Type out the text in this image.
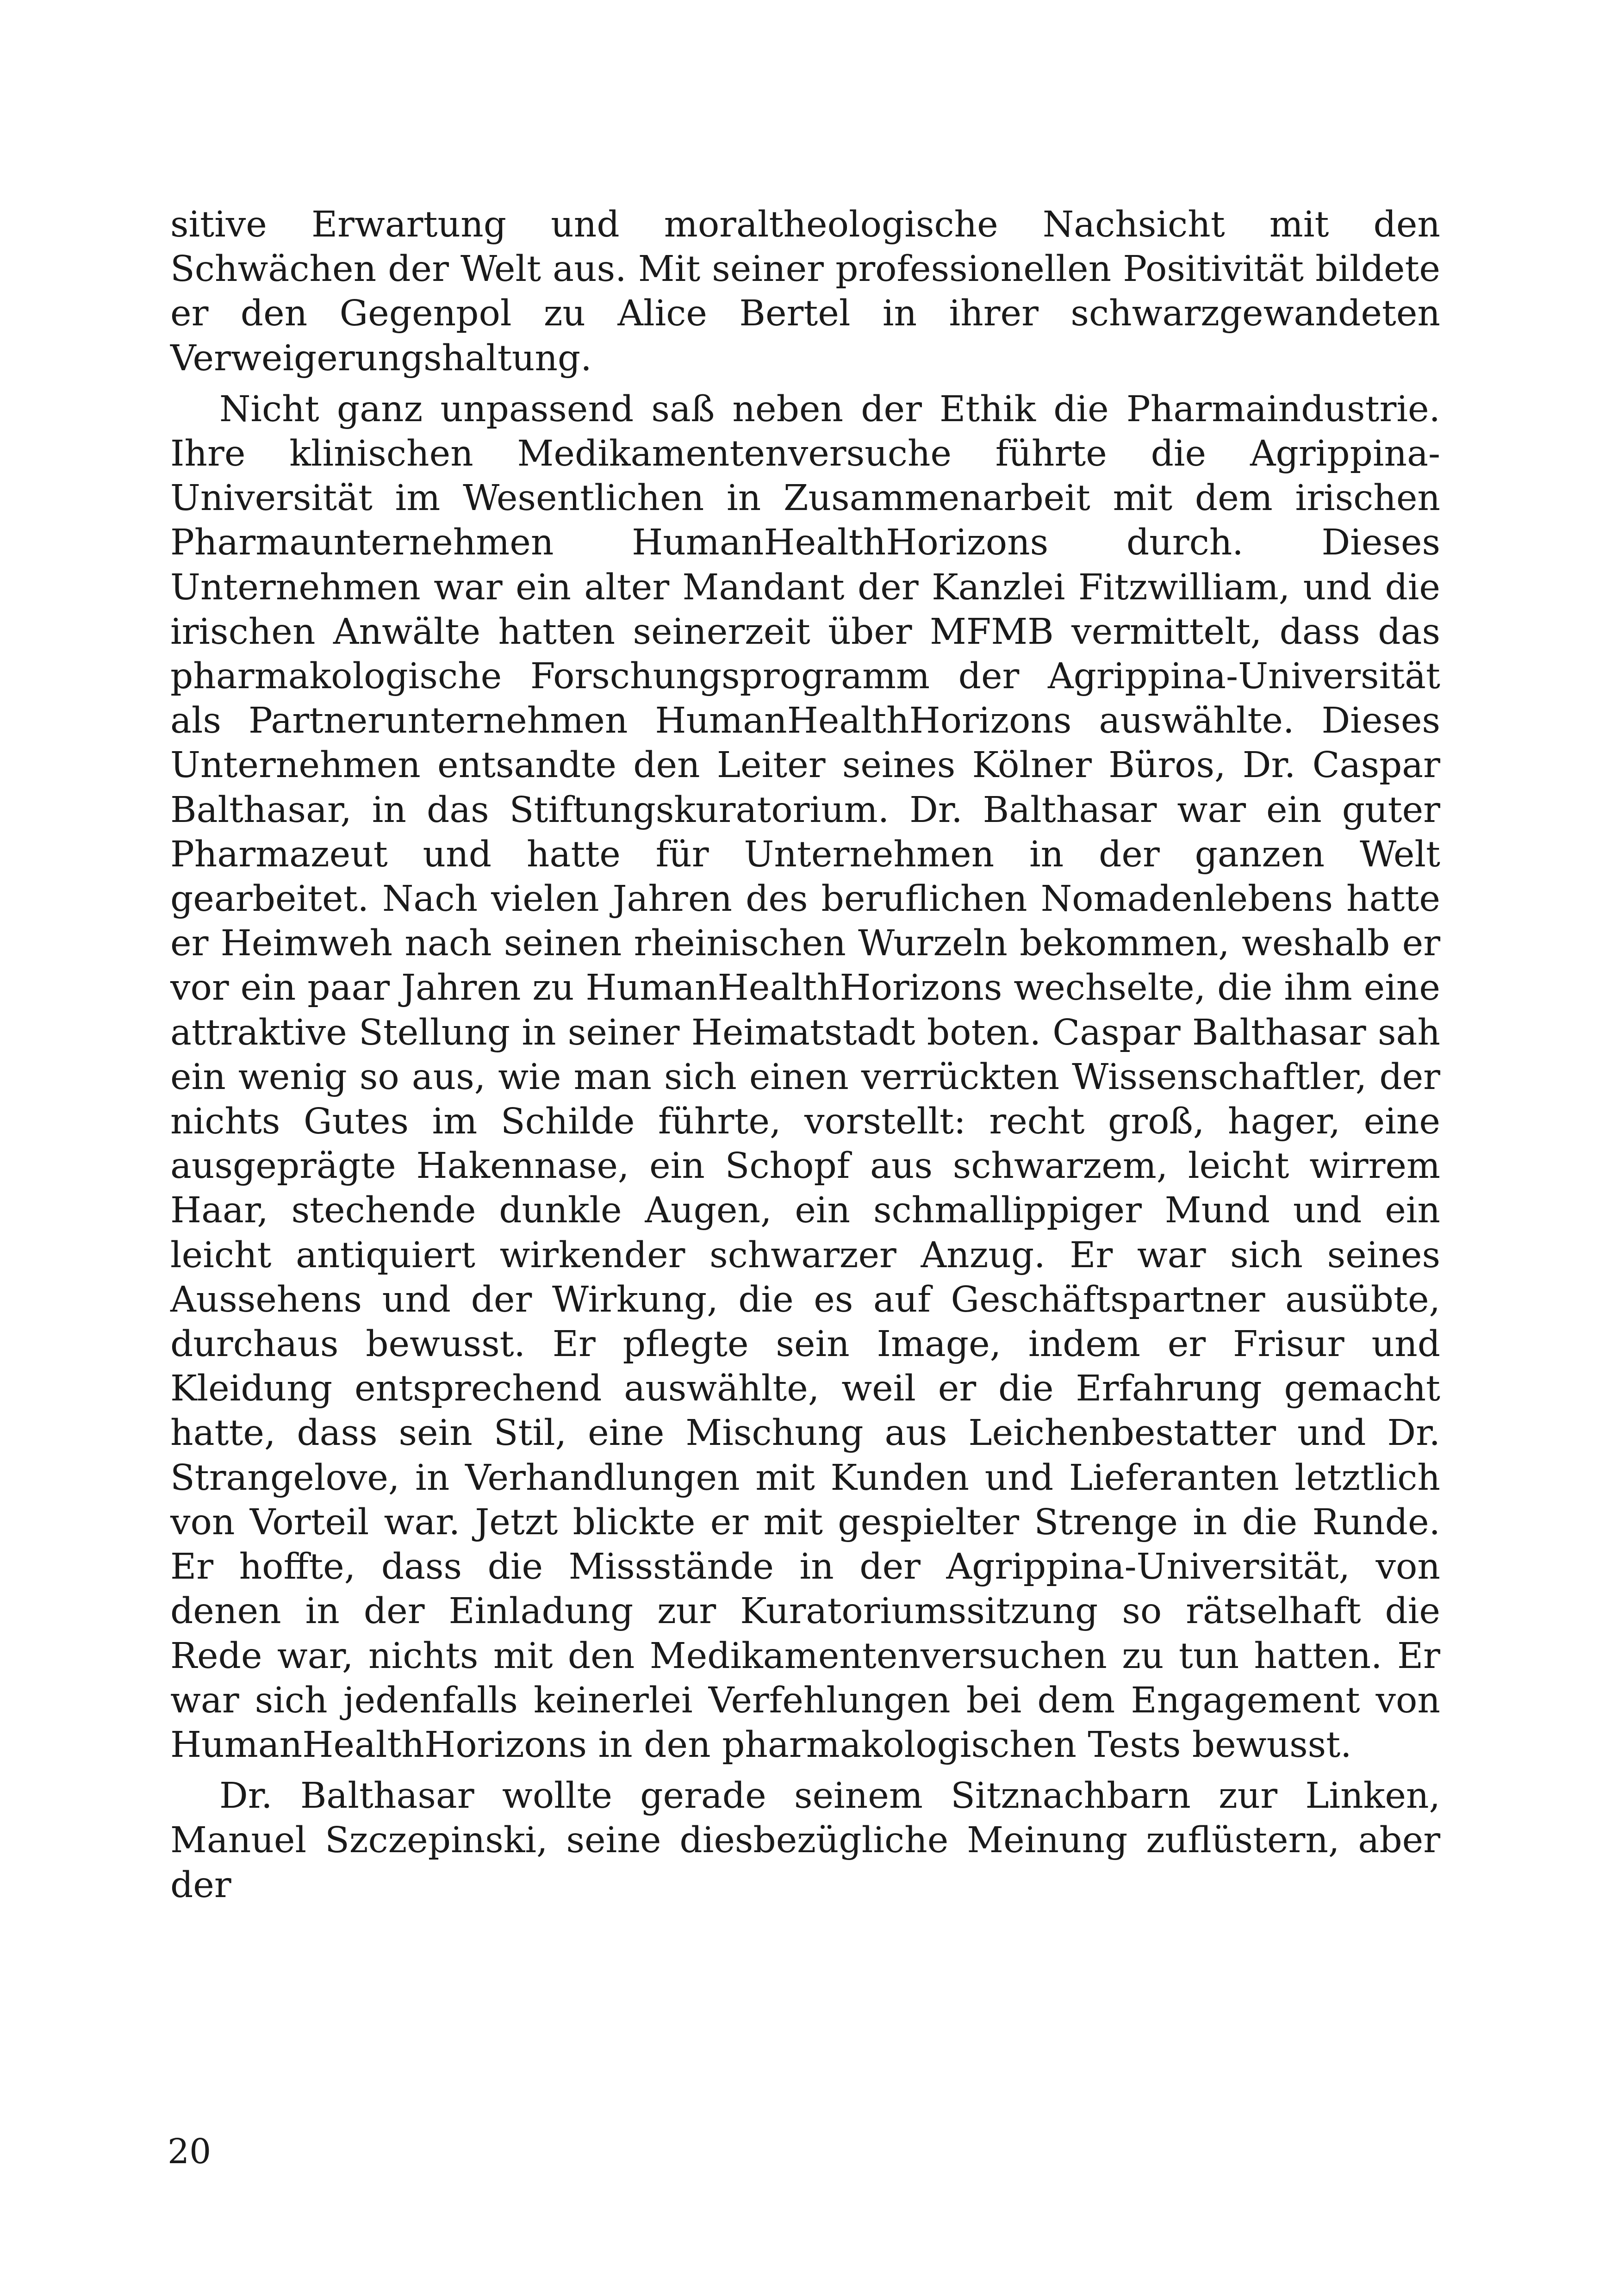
sitive Erwartung und moraltheologische Nachsicht mit den Schwächen der Welt aus. Mit seiner professionellen Positivität bildete er den Gegenpol zu Alice Bertel in ihrer schwarzgewandeten Verweigerungshaltung.

Nicht ganz unpassend saß neben der Ethik die Pharmaindustrie. Ihre klinischen Medikamentenversuche führte die Agrippina-Universität im Wesentlichen in Zusammenarbeit mit dem irischen Pharmaunternehmen HumanHealthHorizons durch. Dieses Unternehmen war ein alter Mandant der Kanzlei Fitzwilliam, und die irischen Anwälte hatten seinerzeit über MFMB vermittelt, dass das pharmakologische Forschungsprogramm der Agrippina-Universität als Partnerunternehmen HumanHealthHorizons auswählte. Dieses Unternehmen entsandte den Leiter seines Kölner Büros, Dr. Caspar Balthasar, in das Stiftungskuratorium. Dr. Balthasar war ein guter Pharmazeut und hatte für Unternehmen in der ganzen Welt gearbeitet. Nach vielen Jahren des beruflichen Nomadenlebens hatte er Heimweh nach seinen rheinischen Wurzeln bekommen, weshalb er vor ein paar Jahren zu HumanHealthHorizons wechselte, die ihm eine attraktive Stellung in seiner Heimatstadt boten. Caspar Balthasar sah ein wenig so aus, wie man sich einen verrückten Wissenschaftler, der nichts Gutes im Schilde führte, vorstellt: recht groß, hager, eine ausgeprägte Hakennase, ein Schopf aus schwarzem, leicht wirrem Haar, stechende dunkle Augen, ein schmallippiger Mund und ein leicht antiquiert wirkender schwarzer Anzug. Er war sich seines Aussehens und der Wirkung, die es auf Geschäftspartner ausübte, durchaus bewusst. Er pflegte sein Image, indem er Frisur und Kleidung entsprechend auswählte, weil er die Erfahrung gemacht hatte, dass sein Stil, eine Mischung aus Leichenbestatter und Dr. Strangelove, in Verhandlungen mit Kunden und Lieferanten letztlich von Vorteil war. Jetzt blickte er mit gespielter Strenge in die Runde. Er hoffte, dass die Missstände in der Agrippina-Universität, von denen in der Einladung zur Kuratoriumssitzung so rätselhaft die Rede war, nichts mit den Medikamentenversuchen zu tun hatten. Er war sich jedenfalls keinerlei Verfehlungen bei dem Engagement von HumanHealthHorizons in den pharmakologischen Tests bewusst.

Dr. Balthasar wollte gerade seinem Sitznachbarn zur Linken, Manuel Szczepinski, seine diesbezügliche Meinung zuflüstern, aber der

20
